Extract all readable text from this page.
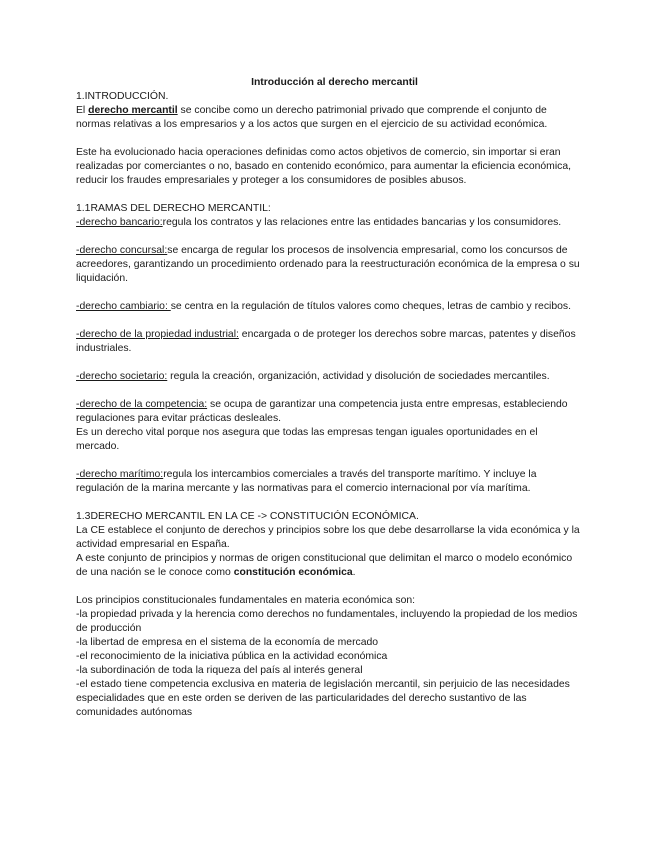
Introducción al derecho mercantil

1.INTRODUCCIÓN.

El derecho mercantil se concibe como un derecho patrimonial privado que comprende el conjunto de normas relativas a los empresarios y a los actos que surgen en el ejercicio de su actividad económica.

Este ha evolucionado hacia operaciones definidas como actos objetivos de comercio, sin importar si eran realizadas por comerciantes o no, basado en contenido económico, para aumentar la eficiencia económica, reducir los fraudes empresariales y proteger a los consumidores de posibles abusos.

1.1RAMAS DEL DERECHO MERCANTIL:

-derecho bancario:regula los contratos y las relaciones entre las entidades bancarias y los consumidores.

-derecho concursal:se encarga de regular los procesos de insolvencia empresarial, como los concursos de acreedores, garantizando un procedimiento ordenado para la reestructuración económica de la empresa o su liquidación.

-derecho cambiario: se centra en la regulación de títulos valores como cheques, letras de cambio y recibos.

-derecho de la propiedad industrial: encargada o de proteger los derechos sobre marcas, patentes y diseños industriales.

-derecho societario: regula la creación, organización, actividad y disolución de sociedades mercantiles.

-derecho de la competencia: se ocupa de garantizar una competencia justa entre empresas, estableciendo regulaciones para evitar prácticas desleales.

Es un derecho vital porque nos asegura que todas las empresas tengan iguales oportunidades en el mercado.

-derecho marítimo:regula los intercambios comerciales a través del transporte marítimo. Y incluye la regulación de la marina mercante y las normativas para el comercio internacional por vía marítima.

1.3DERECHO MERCANTIL EN LA CE -> CONSTITUCIÓN ECONÓMICA.

La CE establece el conjunto de derechos y principios sobre los que debe desarrollarse la vida económica y la actividad empresarial en España.

A este conjunto de principios y normas de origen constitucional que delimitan el marco o modelo económico de una nación se le conoce como constitución económica.

Los principios constitucionales fundamentales en materia económica son:

-la propiedad privada y la herencia como derechos no fundamentales, incluyendo la propiedad de los medios de producción

-la libertad de empresa en el sistema de la economía de mercado

-el reconocimiento de la iniciativa pública en la actividad económica

-la subordinación de toda la riqueza del país al interés general

-el estado tiene competencia exclusiva en materia de legislación mercantil, sin perjuicio de las necesidades especialidades que en este orden se deriven de las particularidades del derecho sustantivo de las comunidades autónomas
